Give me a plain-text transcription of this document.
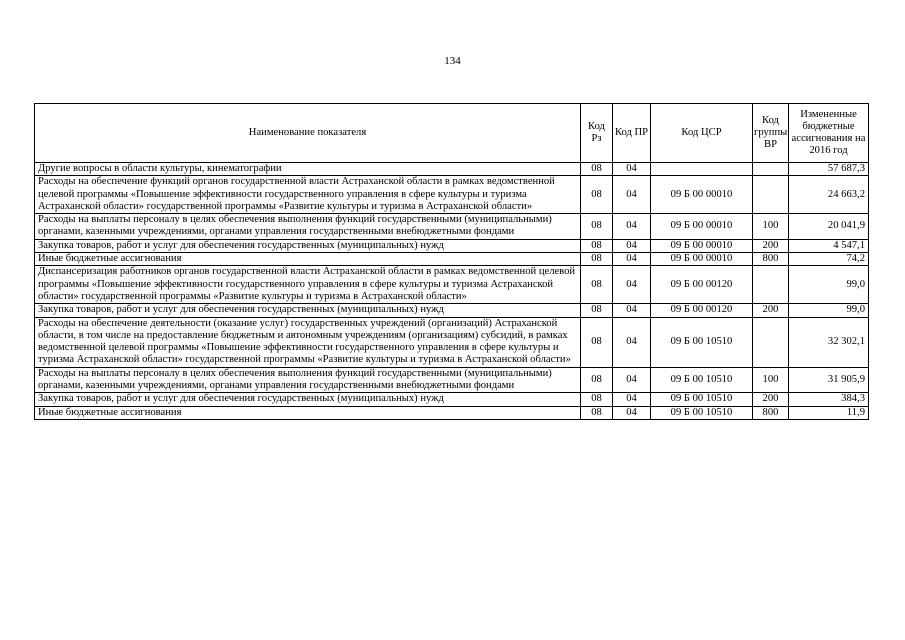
134
Наименование показателя	Код Рз	Код ПР	Код ЦСР	Код группы ВР	Измененные бюджетные ассигнования на 2016 год
Другие вопросы в области культуры, кинематографии	08	04			57 687,3
Расходы на обеспечение функций органов государственной власти Астраханской области в рамках ведомственной целевой программы «Повышение эффективности государственного управления в сфере культуры и туризма Астраханской области» государственной программы «Развитие культуры и туризма в Астраханской области»	08	04	09 Б 00 00010		24 663,2
Расходы на выплаты персоналу в целях обеспечения выполнения функций государственными (муниципальными) органами, казенными учреждениями, органами управления государственными внебюджетными фондами	08	04	09 Б 00 00010	100	20 041,9
Закупка товаров, работ и услуг для обеспечения государственных (муниципальных) нужд	08	04	09 Б 00 00010	200	4 547,1
Иные бюджетные ассигнования	08	04	09 Б 00 00010	800	74,2
Диспансеризация работников органов государственной власти Астраханской области в рамках ведомственной целевой программы «Повышение эффективности государственного управления в сфере культуры и туризма Астраханской области» государственной программы «Развитие культуры и туризма в Астраханской области»	08	04	09 Б 00 00120		99,0
Закупка товаров, работ и услуг для обеспечения государственных (муниципальных) нужд	08	04	09 Б 00 00120	200	99,0
Расходы на обеспечение деятельности (оказание услуг) государственных учреждений (организаций) Астраханской области, в том числе на предоставление бюджетным и автономным учреждениям (организациям) субсидий, в рамках ведомственной целевой программы «Повышение эффективности государственного управления в сфере культуры и туризма Астраханской области» государственной программы «Развитие культуры и туризма в Астраханской области»	08	04	09 Б 00 10510		32 302,1
Расходы на выплаты персоналу в целях обеспечения выполнения функций государственными (муниципальными) органами, казенными учреждениями, органами управления государственными внебюджетными фондами	08	04	09 Б 00 10510	100	31 905,9
Закупка товаров, работ и услуг для обеспечения государственных (муниципальных) нужд	08	04	09 Б 00 10510	200	384,3
Иные бюджетные ассигнования	08	04	09 Б 00 10510	800	11,9
